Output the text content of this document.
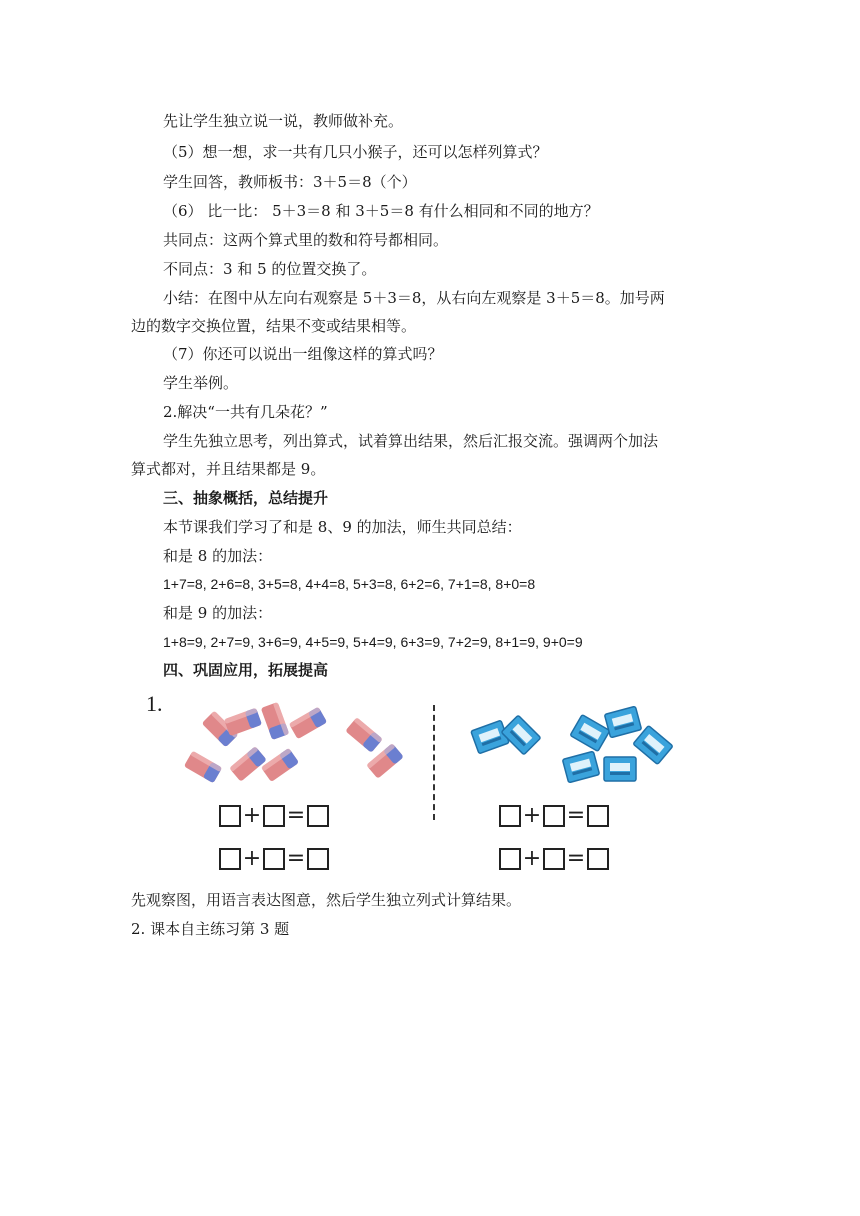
先让学生独立说一说，教师做补充。
（5）想一想，求一共有几只小猴子，还可以怎样列算式？
学生回答，教师板书：3＋5＝8（个）
（6） 比一比： 5＋3＝8 和 3＋5＝8 有什么相同和不同的地方？
共同点：这两个算式里的数和符号都相同。
不同点：3 和 5 的位置交换了。
小结：在图中从左向右观察是 5＋3＝8，从右向左观察是 3＋5＝8。加号两
边的数字交换位置，结果不变或结果相等。
（7）你还可以说出一组像这样的算式吗？
学生举例。
2.解决“一共有几朵花？”
学生先独立思考，列出算式，试着算出结果，然后汇报交流。强调两个加法
算式都对，并且结果都是 9。
三、抽象概括，总结提升
本节课我们学习了和是 8、9 的加法，师生共同总结：
和是 8 的加法：
1+7=8, 2+6=8, 3+5=8, 4+4=8, 5+3=8, 6+2=6, 7+1=8, 8+0=8
和是 9 的加法：
1+8=9, 2+7=9, 3+6=9, 4+5=9, 5+4=9, 6+3=9, 7+2=9, 8+1=9, 9+0=9
四、巩固应用，拓展提高
1.
+ =
+ =
+ =
+ =
先观察图，用语言表达图意，然后学生独立列式计算结果。
2. 课本自主练习第 3 题
